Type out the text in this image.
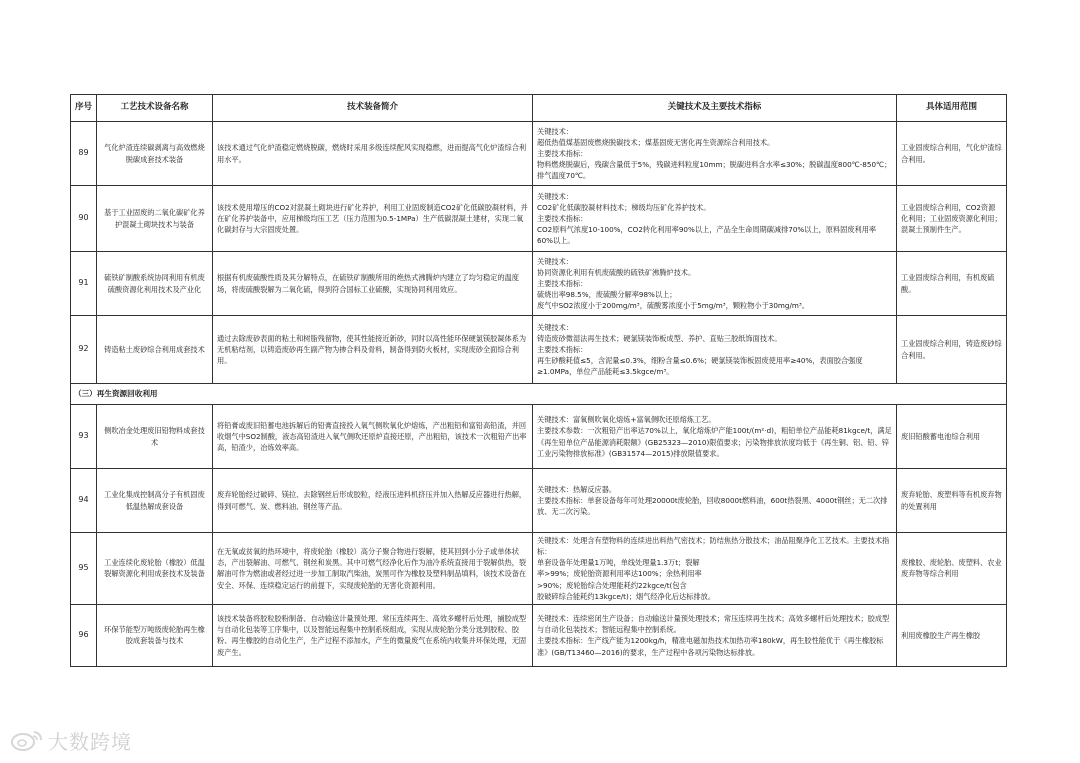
序号	工艺技术设备名称	技术装备简介	关键技术及主要技术指标	具体适用范围
89	气化炉渣连续碳剥离与高效燃烧脱碳成套技术装备	该技术通过气化炉渣稳定燃烧脱碳，燃烧时采用多级连续配风实现稳燃，进而提高气化炉渣综合利用水平。	关键技术：
超低热值煤基固废燃烧脱碳技术；煤基固废无害化再生资源综合利用技术。
主要技术指标：
物料燃烧脱碳后，残碳含量低于5%，残碳进料粒度10mm；脱碳进料含水率≤30%；脱碳温度800℃-850℃；排气温度70℃。	工业固废综合利用，气化炉渣综合利用。
90	基于工业固废的二氧化碳矿化养护混凝土砌块技术与装备	该技术使用增压的CO2对混凝土砌块进行矿化养护，利用工业固废制造CO2矿化低碳胶凝材料，并在矿化养护装备中，应用梯级均压工艺（压力范围为0.5-1MPa）生产低碳混凝土建材，实现二氧化碳封存与大宗固废处置。	关键技术：
CO2矿化低碳胶凝材料技术；梯级均压矿化养护技术。
主要技术指标：
CO2原料气浓度10-100%，CO2转化利用率90%以上，产品全生命周期碳减排70%以上，原料固废利用率60%以上。	工业固废综合利用，CO2资源化利用；工业固废资源化利用；混凝土预制件生产。
91	硫铁矿制酸系统协同利用有机废硫酸资源化利用技术及产业化	根据有机废硫酸性质及其分解特点，在硫铁矿制酸所用的绝热式沸腾炉内建立了均匀稳定的温度场，将废硫酸裂解为二氧化硫，得到符合国标工业硫酸，实现协同利用效应。	关键技术：
协同资源化利用有机废硫酸的硫铁矿沸腾炉技术。
主要技术指标：
硫烧出率98.5%，废硫酸分解率98%以上；
废气中SO2浓度小于200mg/m³，硫酸雾浓度小于5mg/m³，颗粒物小于30mg/m³。	工业固废综合利用，有机废硫酸。
92	铸造粘土废砂综合利用成套技术	通过去除废砂表面的粘土和树脂残留物，使其性能接近新砂，同时以高性能环保硬氯镁胶凝体系为无机粘结剂，以铸造废砂再生副产物为掺合料及骨料，制备得到防火板材，实现废砂全面综合利用。	关键技术：
铸造废砂微湿法再生技术；硬氯镁装饰板成型、养护、直贴三胶纸饰面技术。
主要技术指标：
再生砂酸耗值≤5，含泥量≤0.3%，细粉含量≤0.6%；硬氯镁装饰板固废使用率≥40%，表面胶合强度≥1.0MPa，单位产品能耗≤3.5kgce/m³。	工业固废综合利用，铸造废砂综合利用。
（三）再生资源回收利用				
93	侧吹冶金处理废旧铅物料成套技术	将铅膏或废旧铅蓄电池拆解后的铅膏直接投入氧气侧吹氧化炉熔炼，产出粗铅和富铅高铅渣，并回收烟气中SO2制酸，液态高铅渣进入氧气侧吹还原炉直接还原，产出粗铅，该技术一次粗铅产出率高，铅渣少，冶炼效率高。	关键技术：富氧侧吹氧化熔炼+富氧侧吹还原熔炼工艺。
主要技术参数：一次粗铅产出率达70%以上，氧化熔炼炉产能100t/(m²·d)，粗铅单位产品能耗81kgce/t，满足《再生铅单位产品能源消耗限额》(GB25323—2010)限值要求；污染物排放浓度均低于《再生铜、铝、铅、锌工业污染物排放标准》(GB31574—2015)排放限值要求。	废旧铅酸蓄电池综合利用
94	工业化集成控制高分子有机固废低温热解成套设备	废弃轮胎经过破碎、镁拉、去除钢丝后形成胶粒，经液压进料机挤压并加入热解反应器进行热解，得到可燃气、炭、燃料油、钢丝等产品。	关键技术：热解反应器。
主要技术指标：单套设备每年可处理20000t废轮胎，回收8000t燃料油，600t热裂黑、4000t钢丝；无二次排放、无二次污染。	废弃轮胎、废塑料等有机废弃物的处置利用
95	工业连续化废轮胎（橡胶）低温裂解资源化利用成套技术及装备	在无氧或贫氧的热环境中，将废轮胎（橡胶）高分子聚合物进行裂解，使其回到小分子或单体状态，产出裂解油、可燃气、钢丝和炭黑。其中可燃气经净化后作为油冷系统直接用于裂解供热，裂解油可作为燃油或者经过进一步加工制取汽柴油，炭黑可作为橡胶及塑料制品填料，该技术设备在安全、环保、连续稳定运行的前提下，实现废轮胎的无害化资源利用。	关键技术：处理含有塑物料的连续进出料热气密技术；防结焦热分散技术；油品阻聚净化工艺技术。主要技术指标：
单套设备年处理量1万吨，单线处理量1.3万t；裂解
率>99%；废轮胎资源利用率达100%；余热利用率
>90%；废轮胎综合处理能耗约22kgce/t(包含
胶破碎综合能耗约13kgce/t)；烟气经净化后达标排放。	废橡胶、废轮胎、废塑料、农业废弃物等综合利用
96	环保节能型万吨级废轮胎再生橡胶成套装备与技术	该技术装备将胶粒胶粉制备、自动输送计量预处理、常压连续再生、高效多螺杆后处理，捕胶成型与自动化包装等工序集中，以及智能远程集中控制系统组成，实现从废轮胎分类分选到胶粒、胶粉、再生橡胶的自动化生产，生产过程不添加水，产生的微量废气在系统内收集并环保处理，无固废产生。	关键技术：连续密闭生产设备；自动输送计量预处理技术；常压连续再生技术；高效多螺杆后处理技术；胶成型与自动化包装技术；智能远程集中控制系统。
主要技术指标：生产线产能为1200kg/h，精准电磁加热技术加热功率180kW，再生胶性能优于《再生橡胶标准》(GB/T13460—2016)的要求，生产过程中各项污染物达标排放。	利用废橡胶生产再生橡胶
大数跨境
